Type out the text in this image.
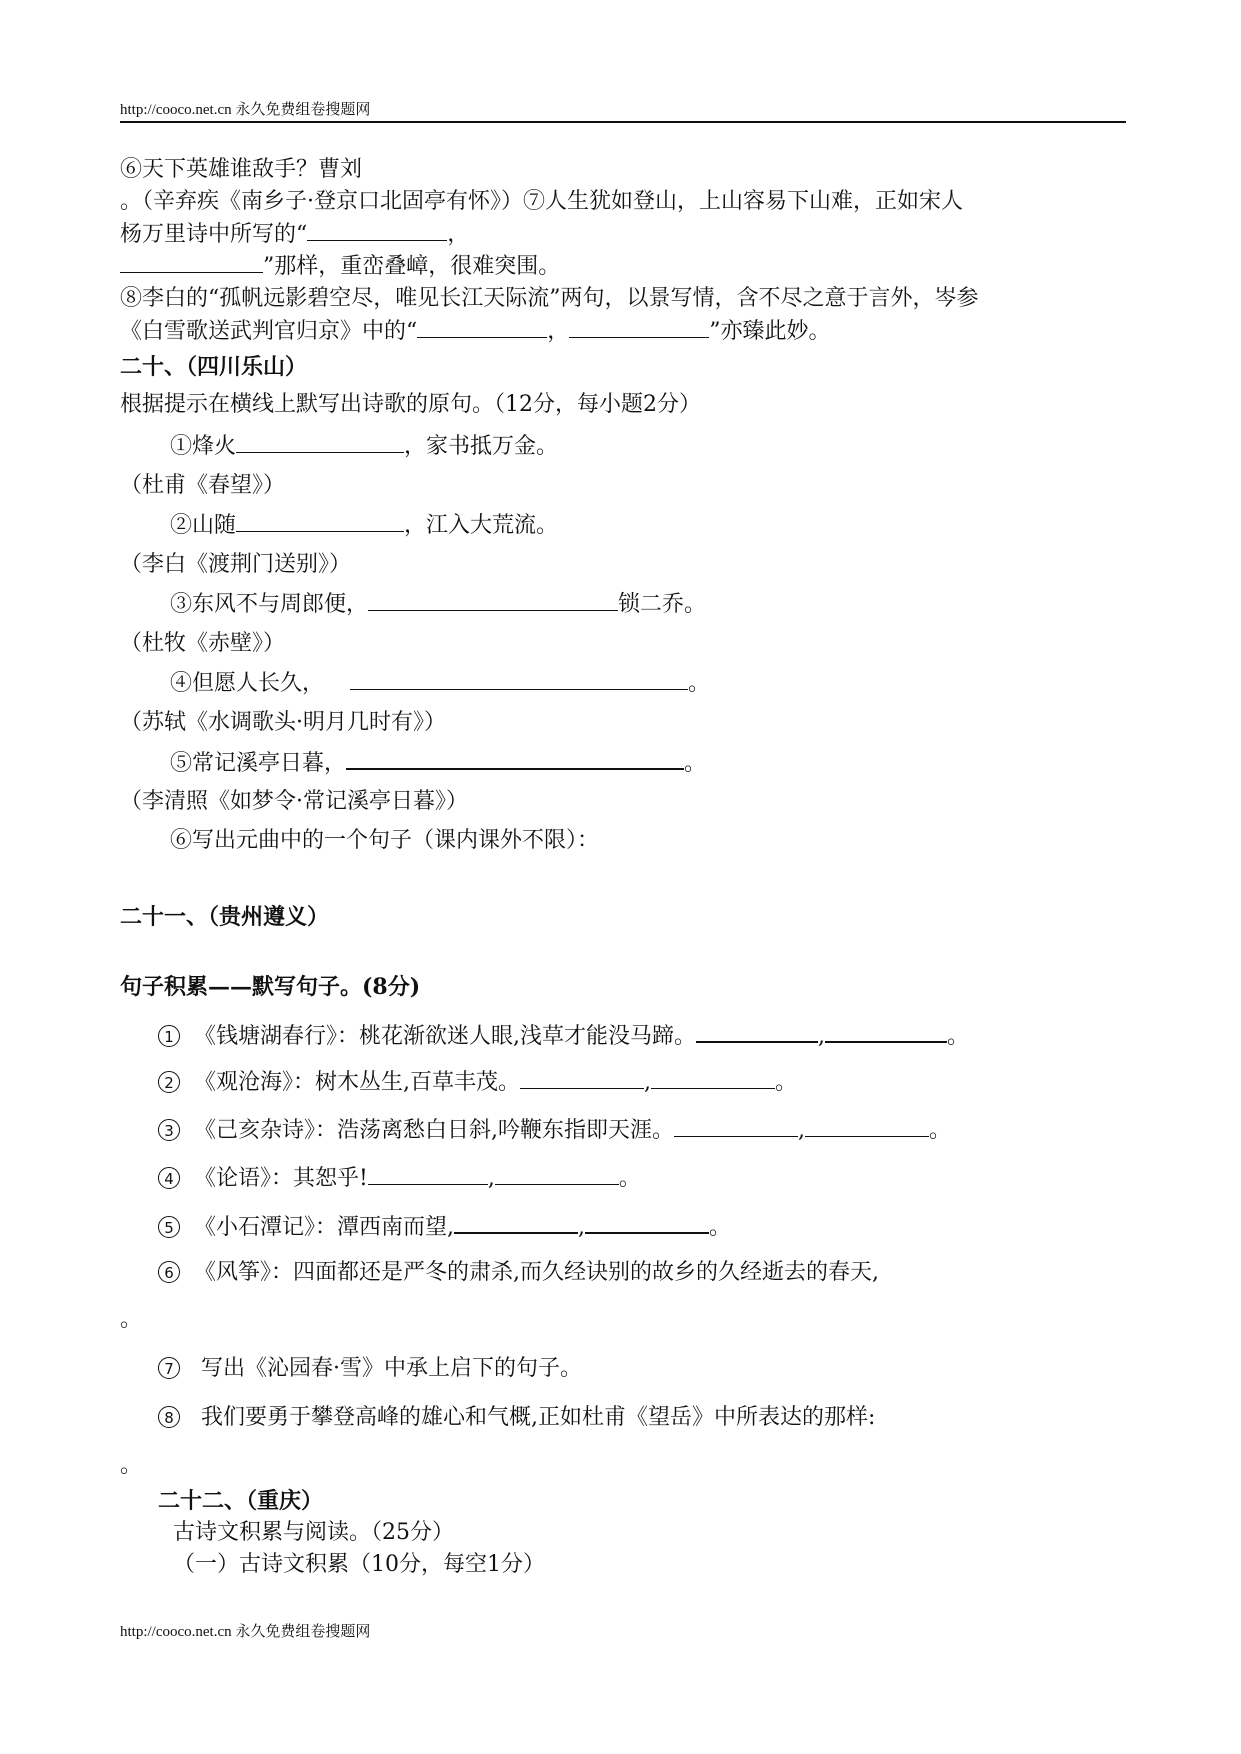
http://cooco.net.cn 永久免费组卷搜题网
⑥天下英雄谁敌手？曹刘
。（辛弃疾《南乡子·登京口北固亭有怀》）⑦人生犹如登山，上山容易下山难，正如宋人
杨万里诗中所写的“	，
”那样，重峦叠嶂，很难突围。
⑧李白的“孤帆远影碧空尽，唯见长江天际流”两句，以景写情，含不尽之意于言外，岑参
《白雪歌送武判官归京》中的“	，	”亦臻此妙。
二十、（四川乐山）
根据提示在横线上默写出诗歌的原句。（12分，每小题2分）
①烽火	，家书抵万金。
（杜甫《春望》）
②山随	，江入大荒流。
（李白《渡荆门送别》）
③东风不与周郎便，	锁二乔。
（杜牧《赤壁》）
④但愿人长久，	。
（苏轼《水调歌头·明月几时有》）
⑤常记溪亭日暮，	。
（李清照《如梦令·常记溪亭日暮》）
⑥写出元曲中的一个句子（课内课外不限）：
二十一、（贵州遵义）
句子积累——默写句子。(8分)
1 《钱塘湖春行》：桃花渐欲迷人眼,浅草才能没马蹄。	,	。
2 《观沧海》：树木丛生,百草丰茂。	,	。
3 《己亥杂诗》：浩荡离愁白日斜,吟鞭东指即天涯。	,	。
4 《论语》：其恕乎!	,	。
5 《小石潭记》：潭西南而望,	,	。
6 《风筝》：四面都还是严冬的肃杀,而久经诀别的故乡的久经逝去的春天,
。
7 写出《沁园春·雪》中承上启下的句子。
8 我们要勇于攀登高峰的雄心和气概,正如杜甫《望岳》中所表达的那样:
。
二十二、（重庆）
古诗文积累与阅读。（25分）
（一）古诗文积累（10分，每空1分）
http://cooco.net.cn 永久免费组卷搜题网
